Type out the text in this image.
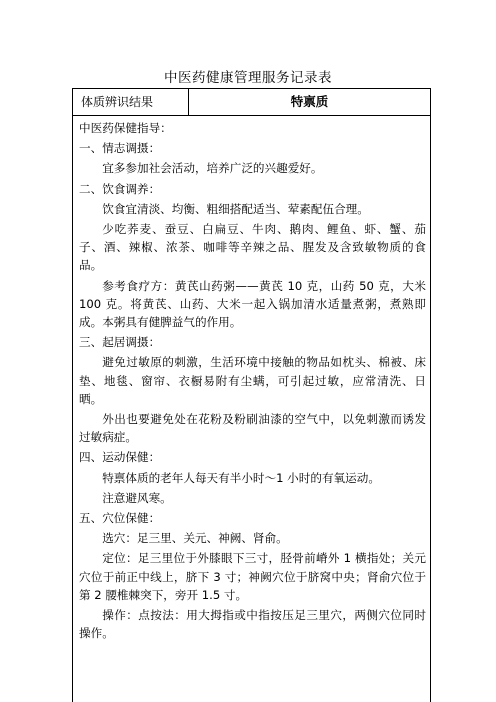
中医药健康管理服务记录表
体质辨识结果	特禀质

中医药保健指导：

一、情志调摄：

宜多参加社会活动，培养广泛的兴趣爱好。

二、饮食调养：

饮食宜清淡、均衡、粗细搭配适当、荤素配伍合理。

少吃荞麦、蚕豆、白扁豆、牛肉、鹅肉、鲤鱼、虾、蟹、茄子、酒、辣椒、浓茶、咖啡等辛辣之品、腥发及含致敏物质的食品。

参考食疗方：黄芪山药粥——黄芪 10 克，山药 50 克，大米 100 克。将黄芪、山药、大米一起入锅加清水适量煮粥，煮熟即成。本粥具有健脾益气的作用。

三、起居调摄：

避免过敏原的刺激，生活环境中接触的物品如枕头、棉被、床垫、地毯、窗帘、衣橱易附有尘螨，可引起过敏，应常清洗、日晒。

外出也要避免处在花粉及粉刷油漆的空气中，以免刺激而诱发过敏病症。

四、运动保健：

特禀体质的老年人每天有半小时～1 小时的有氧运动。

注意避风寒。

五、穴位保健：

选穴：足三里、关元、神阙、肾俞。

定位：足三里位于外膝眼下三寸，胫骨前嵴外 1 横指处；关元穴位于前正中线上，脐下 3 寸；神阙穴位于脐窝中央；肾俞穴位于第 2 腰椎棘突下，旁开 1.5 寸。

操作：点按法：用大拇指或中指按压足三里穴，两侧穴位同时操作。
